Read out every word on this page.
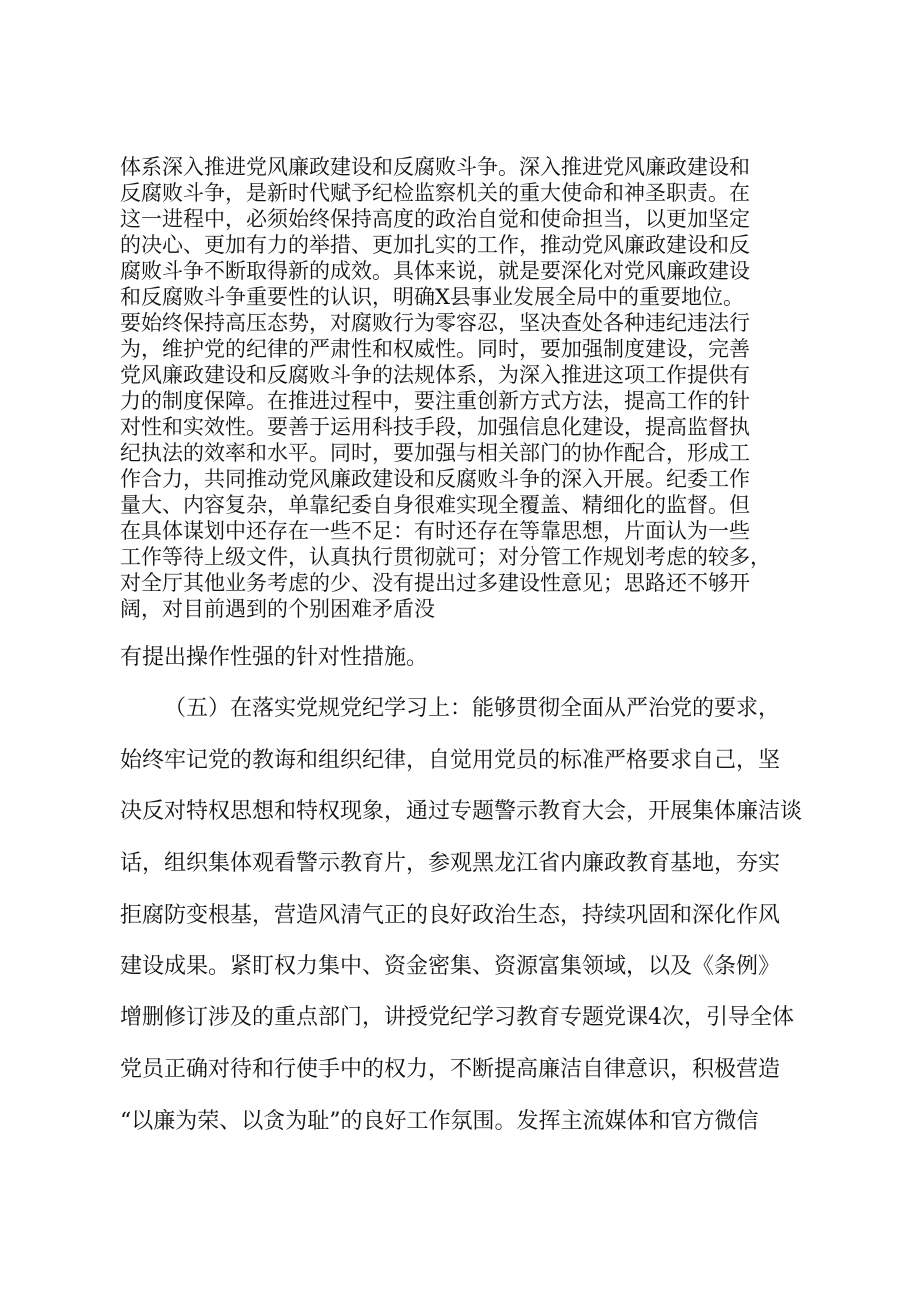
体系深入推进党风廉政建设和反腐败斗争。深入推进党风廉政建设和

反腐败斗争，是新时代赋予纪检监察机关的重大使命和神圣职责。在

这一进程中，必须始终保持高度的政治自觉和使命担当，以更加坚定

的决心、更加有力的举措、更加扎实的工作，推动党风廉政建设和反

腐败斗争不断取得新的成效。具体来说，就是要深化对党风廉政建设

和反腐败斗争重要性的认识，明确X县事业发展全局中的重要地位。

要始终保持高压态势，对腐败行为零容忍，坚决查处各种违纪违法行

为，维护党的纪律的严肃性和权威性。同时，要加强制度建设，完善

党风廉政建设和反腐败斗争的法规体系，为深入推进这项工作提供有

力的制度保障。在推进过程中，要注重创新方式方法，提高工作的针

对性和实效性。要善于运用科技手段，加强信息化建设，提高监督执

纪执法的效率和水平。同时，要加强与相关部门的协作配合，形成工

作合力，共同推动党风廉政建设和反腐败斗争的深入开展。纪委工作

量大、内容复杂，单靠纪委自身很难实现全覆盖、精细化的监督。但

在具体谋划中还存在一些不足：有时还存在等靠思想，片面认为一些

工作等待上级文件，认真执行贯彻就可；对分管工作规划考虑的较多，

对全厅其他业务考虑的少、没有提出过多建设性意见；思路还不够开

阔，对目前遇到的个别困难矛盾没

有提出操作性强的针对性措施。

（五）在落实党规党纪学习上：能够贯彻全面从严治党的要求，

始终牢记党的教诲和组织纪律，自觉用党员的标准严格要求自己，坚

决反对特权思想和特权现象，通过专题警示教育大会，开展集体廉洁谈

话，组织集体观看警示教育片，参观黑龙江省内廉政教育基地，夯实

拒腐防变根基，营造风清气正的良好政治生态，持续巩固和深化作风

建设成果。紧盯权力集中、资金密集、资源富集领域，以及《条例》

增删修订涉及的重点部门，讲授党纪学习教育专题党课4次，引导全体

党员正确对待和行使手中的权力，不断提高廉洁自律意识，积极营造

“以廉为荣、以贪为耻”的良好工作氛围。发挥主流媒体和官方微信
